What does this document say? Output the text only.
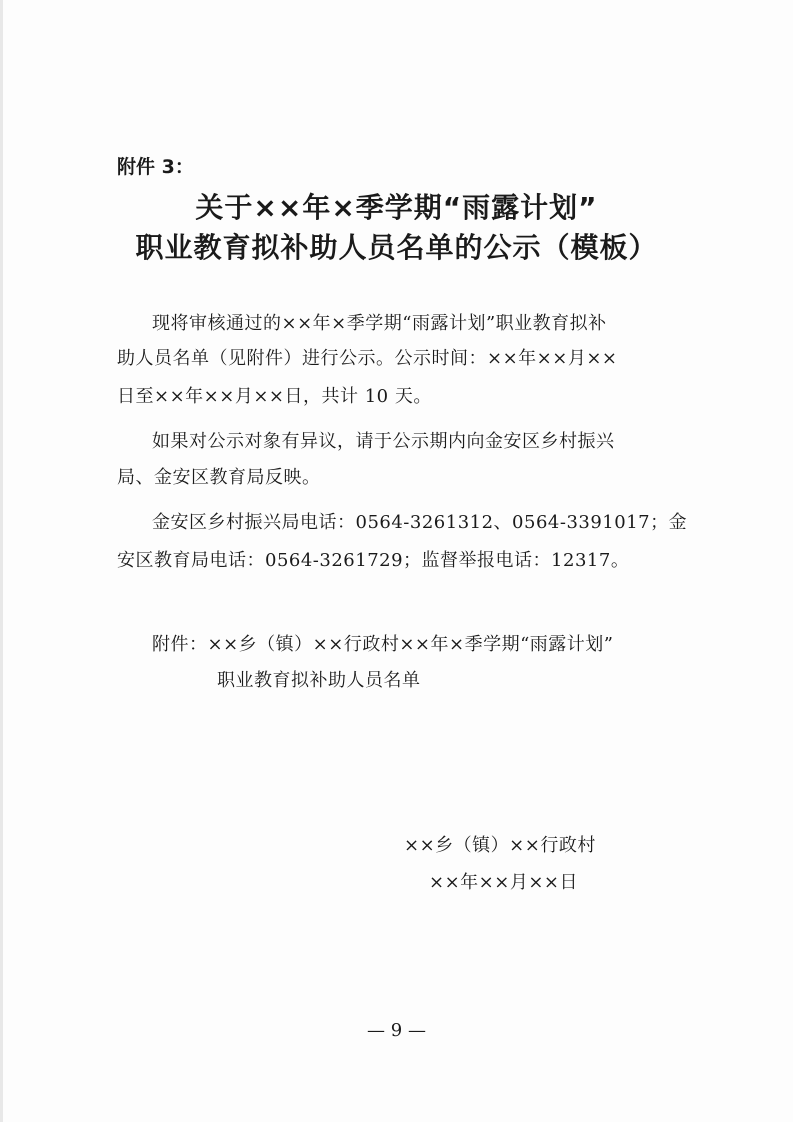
附件 3：
关于××年×季学期“雨露计划”
职业教育拟补助人员名单的公示（模板）
现将审核通过的××年×季学期“雨露计划”职业教育拟补
助人员名单（见附件）进行公示。公示时间：××年××月××
日至××年××月××日，共计 10 天。
如果对公示对象有异议，请于公示期内向金安区乡村振兴
局、金安区教育局反映。
金安区乡村振兴局电话：0564-3261312、0564-3391017；金
安区教育局电话：0564-3261729；监督举报电话：12317。
附件：××乡（镇）××行政村××年×季学期“雨露计划”
职业教育拟补助人员名单
××乡（镇）××行政村
××年××月××日
— 9 —
